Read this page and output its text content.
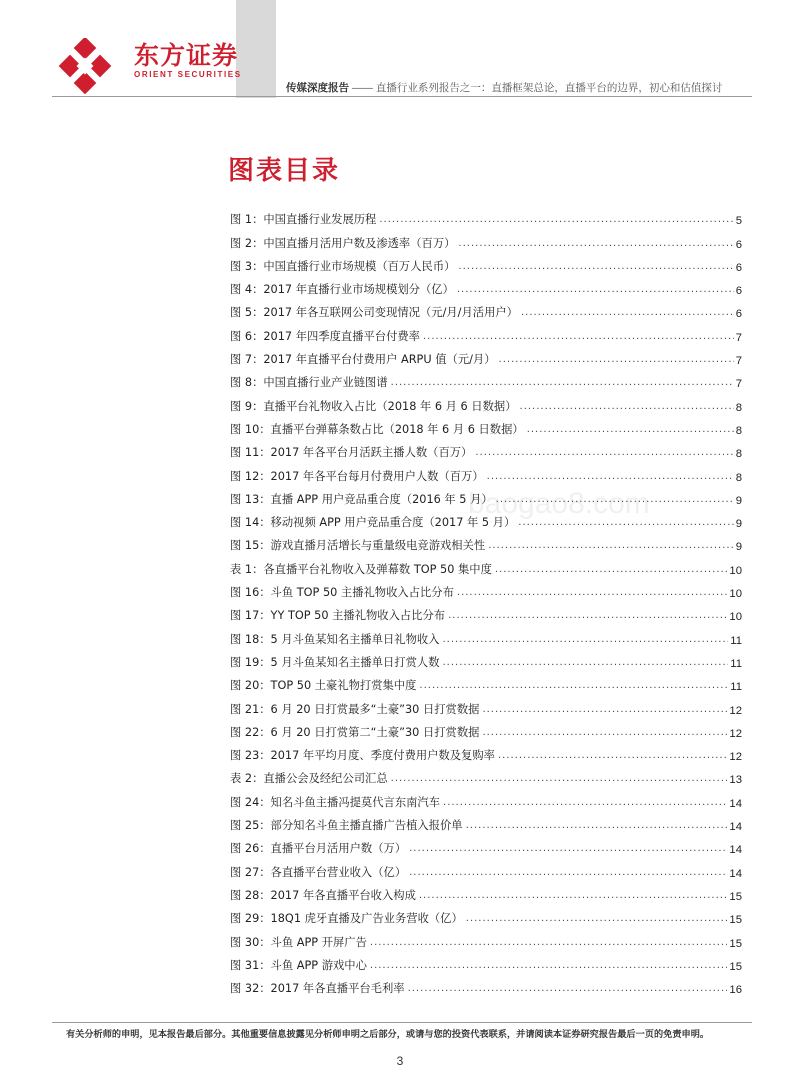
东方证券
ORIENT SECURITIES
传媒深度报告 —— 直播行业系列报告之一：直播框架总论，直播平台的边界，初心和估值探讨
图表目录
图 1：中国直播行业发展历程 .....	5
图 2：中国直播月活用户数及渗透率（百万） .....	6
图 3：中国直播行业市场规模（百万人民币） .....	6
图 4：2017 年直播行业市场规模划分（亿） .....	6
图 5：2017 年各互联网公司变现情况（元/月/月活用户） .....	6
图 6：2017 年四季度直播平台付费率 .....	7
图 7：2017 年直播平台付费用户 ARPU 值（元/月） .....	7
图 8：中国直播行业产业链图谱 .....	7
图 9：直播平台礼物收入占比（2018 年 6 月 6 日数据） .....	8
图 10：直播平台弹幕条数占比（2018 年 6 月 6 日数据） .....	8
图 11：2017 年各平台月活跃主播人数（百万） .....	8
图 12：2017 年各平台每月付费用户人数（百万） .....	8
图 13：直播 APP 用户竞品重合度（2016 年 5 月） .....	9
图 14：移动视频 APP 用户竞品重合度（2017 年 5 月） .....	9
图 15：游戏直播月活增长与重量级电竞游戏相关性 .....	9
表 1：各直播平台礼物收入及弹幕数 TOP 50 集中度 .....	10
图 16：斗鱼 TOP 50 主播礼物收入占比分布 .....	10
图 17：YY TOP 50 主播礼物收入占比分布 .....	10
图 18：5 月斗鱼某知名主播单日礼物收入 .....	11
图 19：5 月斗鱼某知名主播单日打赏人数 .....	11
图 20：TOP 50 土豪礼物打赏集中度 .....	11
图 21：6 月 20 日打赏最多“土豪”30 日打赏数据 .....	12
图 22：6 月 20 日打赏第二“土豪”30 日打赏数据 .....	12
图 23：2017 年平均月度、季度付费用户数及复购率 .....	12
表 2：直播公会及经纪公司汇总 .....	13
图 24：知名斗鱼主播冯提莫代言东南汽车 .....	14
图 25：部分知名斗鱼主播直播广告植入报价单 .....	14
图 26：直播平台月活用户数（万） .....	14
图 27：各直播平台营业收入（亿） .....	14
图 28：2017 年各直播平台收入构成 .....	15
图 29：18Q1 虎牙直播及广告业务营收（亿） .....	15
图 30：斗鱼 APP 开屏广告 .....	15
图 31：斗鱼 APP 游戏中心 .....	15
图 32：2017 年各直播平台毛利率 .....	16
baogao8.com
有关分析师的申明，见本报告最后部分。其他重要信息披露见分析师申明之后部分，或请与您的投资代表联系，并请阅读本证券研究报告最后一页的免责申明。
3
